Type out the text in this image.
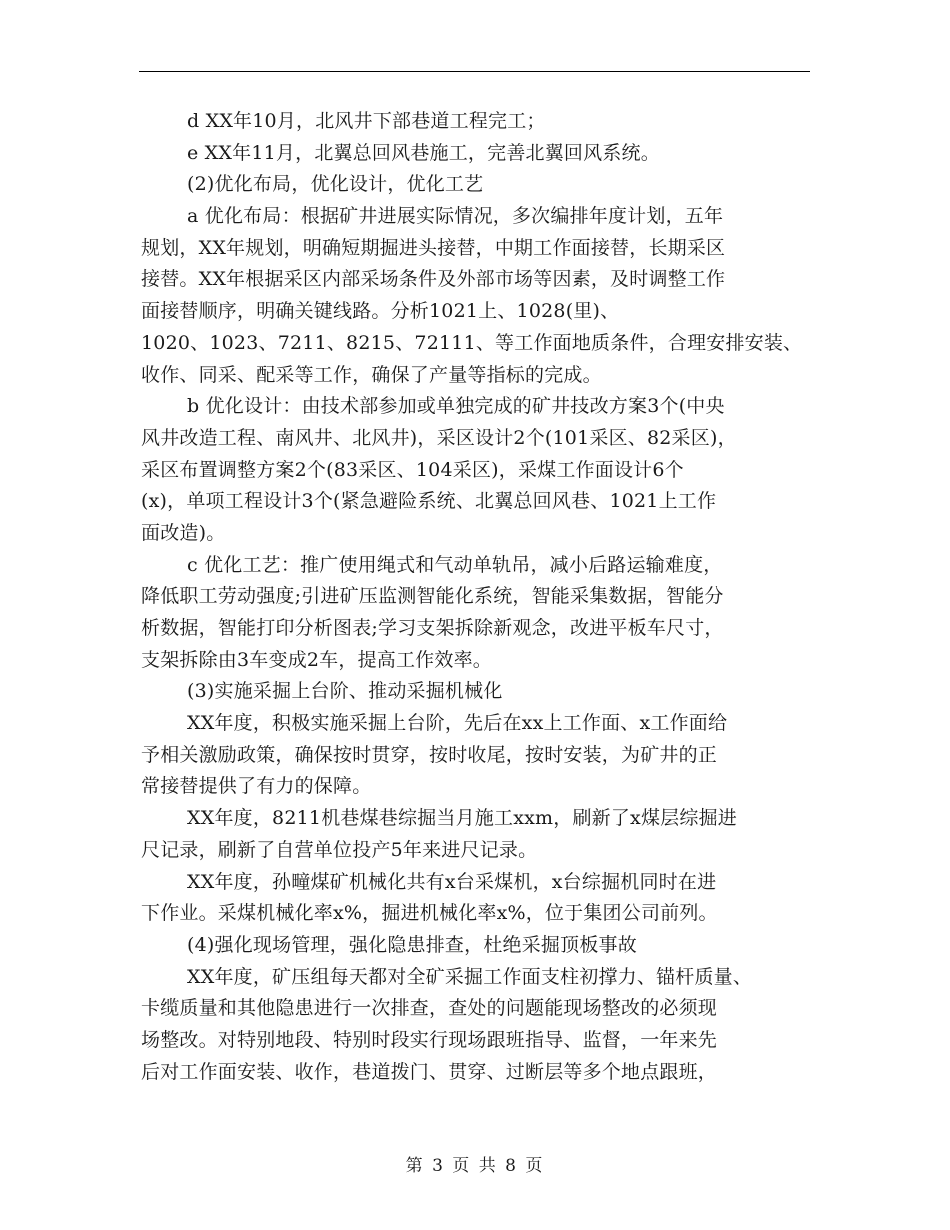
d XX年10月，北风井下部巷道工程完工；
e XX年11月，北翼总回风巷施工，完善北翼回风系统。
(2)优化布局，优化设计，优化工艺
a 优化布局：根据矿井进展实际情况，多次编排年度计划，五年
规划，XX年规划，明确短期掘进头接替，中期工作面接替，长期采区
接替。XX年根据采区内部采场条件及外部市场等因素，及时调整工作
面接替顺序，明确关键线路。分析1021上、1028(里)、
1020、1023、7211、8215、72111、等工作面地质条件，合理安排安装、
收作、同采、配采等工作，确保了产量等指标的完成。
b 优化设计：由技术部参加或单独完成的矿井技改方案3个(中央
风井改造工程、南风井、北风井)，采区设计2个(101采区、82采区)，
采区布置调整方案2个(83采区、104采区)，采煤工作面设计6个
(x)，单项工程设计3个(紧急避险系统、北翼总回风巷、1021上工作
面改造)。
c 优化工艺：推广使用绳式和气动单轨吊，减小后路运输难度，
降低职工劳动强度;引进矿压监测智能化系统，智能采集数据，智能分
析数据，智能打印分析图表;学习支架拆除新观念，改进平板车尺寸，
支架拆除由3车变成2车，提高工作效率。
(3)实施采掘上台阶、推动采掘机械化
XX年度，积极实施采掘上台阶，先后在xx上工作面、x工作面给
予相关激励政策，确保按时贯穿，按时收尾，按时安装，为矿井的正
常接替提供了有力的保障。
XX年度，8211机巷煤巷综掘当月施工xxm，刷新了x煤层综掘进
尺记录，刷新了自营单位投产5年来进尺记录。
XX年度，孙疃煤矿机械化共有x台采煤机，x台综掘机同时在进
下作业。采煤机械化率x%，掘进机械化率x%，位于集团公司前列。
(4)强化现场管理，强化隐患排查，杜绝采掘顶板事故
XX年度，矿压组每天都对全矿采掘工作面支柱初撑力、锚杆质量、
卡缆质量和其他隐患进行一次排查，查处的问题能现场整改的必须现
场整改。对特别地段、特别时段实行现场跟班指导、监督，一年来先
后对工作面安装、收作，巷道拨门、贯穿、过断层等多个地点跟班，
第 3 页 共 8 页
